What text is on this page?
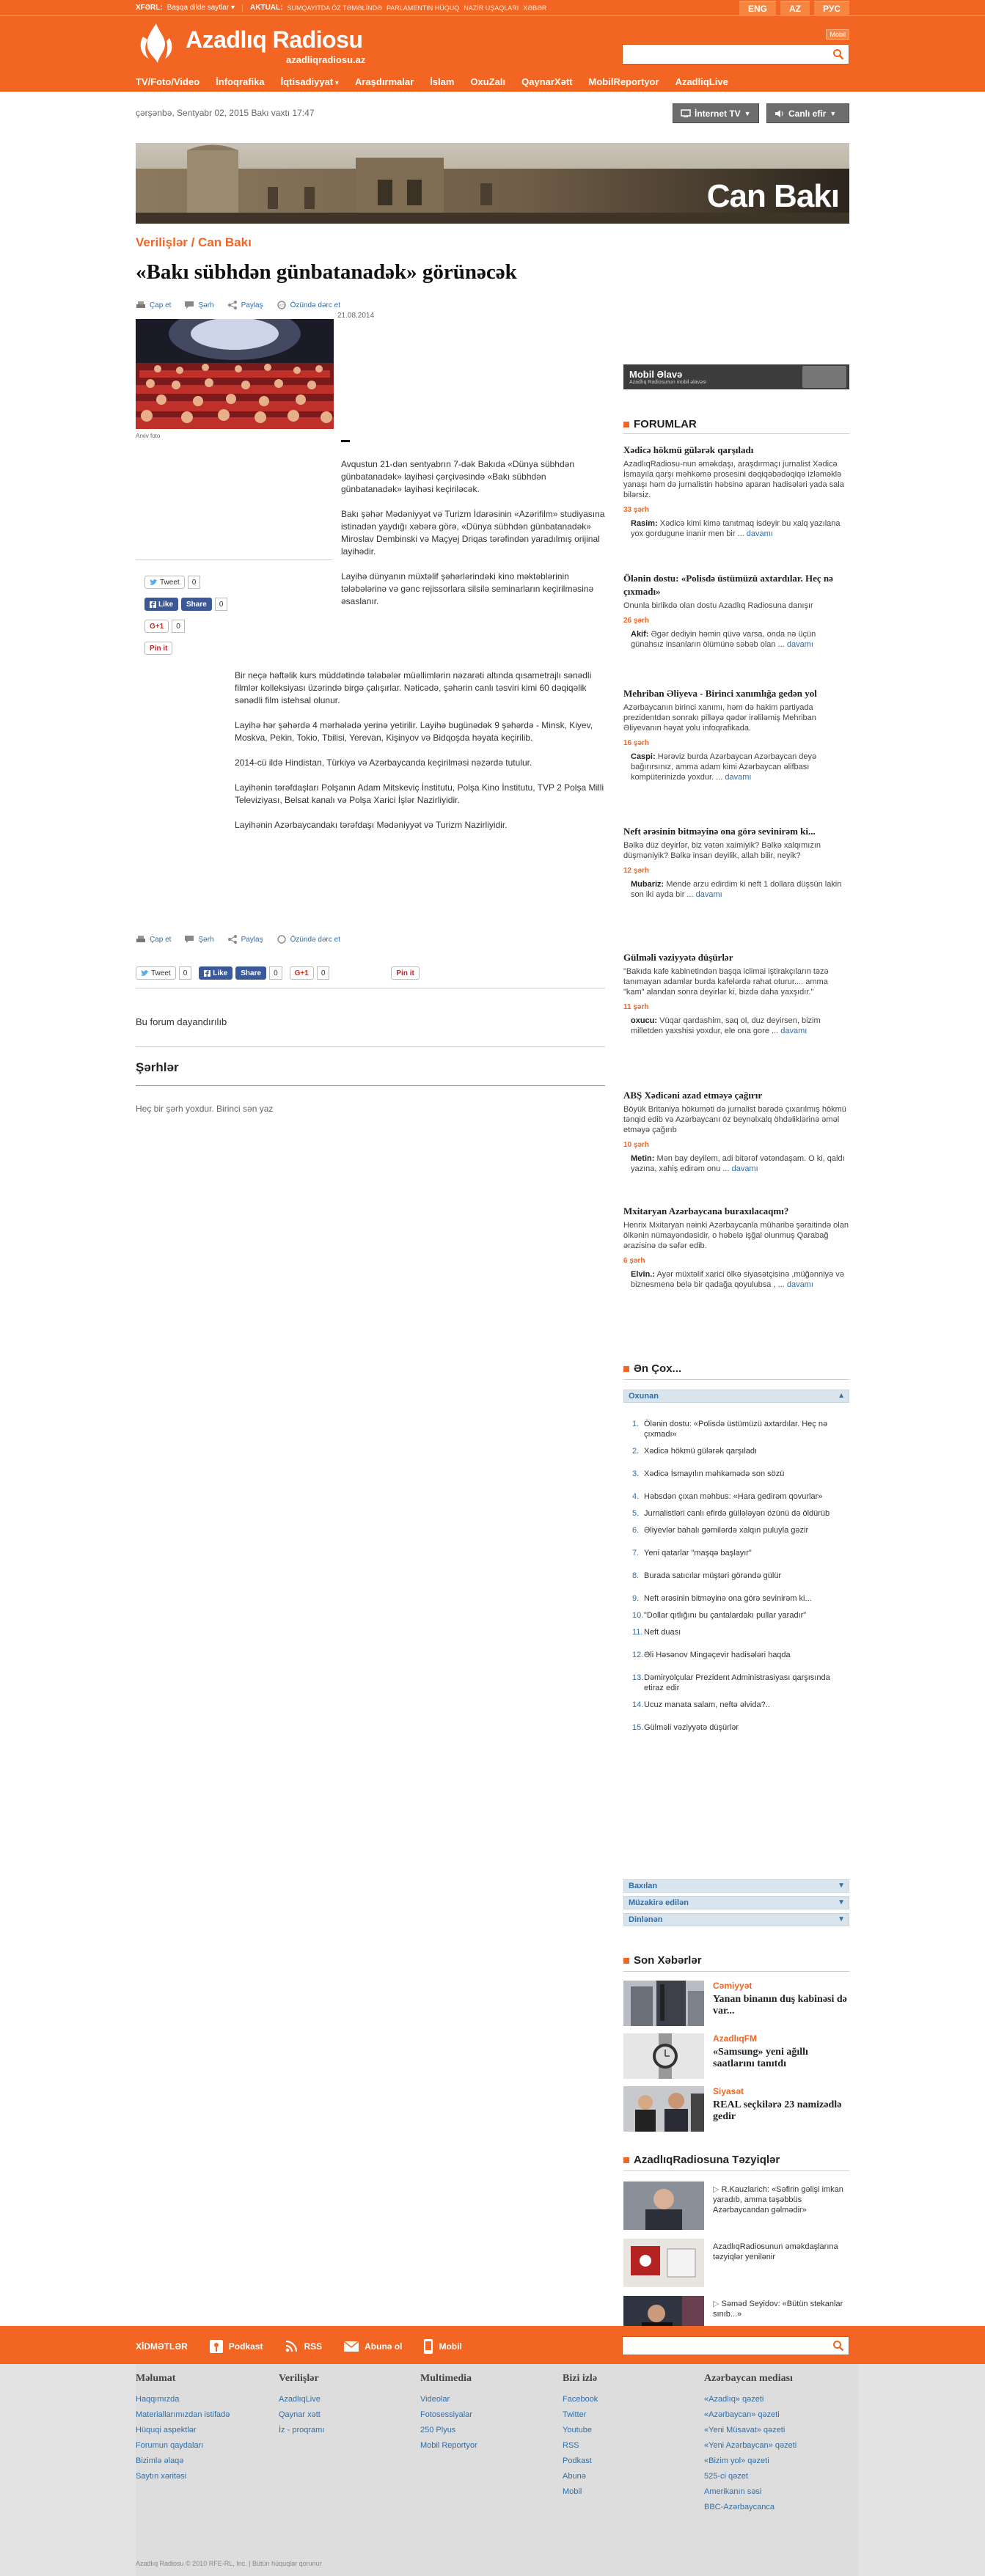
XFƏRL: Başqa dilde saytlar ▾	AKTUAL: SUMQAYITDA ÖZ TƏMƏLİNDƏ PARLAMENTIN HÜQUQ NAZİR UŞAQLARI XƏBƏR	ENG	AZ	РУС
Azadlıq Radiosu
azadliqradiosu.az
Mobil
TV/Foto/Video İnfoqrafika İqtisadiyyat ▾	Araşdırmalar İslam OxuZalı QaynarXətt MobilReportyor AzadliqLive
çərşənbə, Sentyabr 02, 2015 Bakı vaxtı 17:47	İnternet TV ▼	Canlı efir ▼
Can Bakı
Verilişlər / Can Bakı
«Bakı sübhdən günbatanadək» görünəcək
Çap et	Şərh	Paylaş	</> Özündə dərc et
21.08.2014
Arxiv foto
Tweet	0
Like	Share	0
G+1	0
Pin it

Avqustun 21-dən sentyabrın 7-dək Bakıda «Dünya sübhdən günbatanadək» layihəsi çərçivəsində «Bakı sübhdən günbatanadək» layihəsi keçiriləcək.

Bakı şəhər Mədəniyyət və Turizm İdarəsinin «Azərifilm» studiyasına istinadən yaydığı xəbərə görə, «Dünya sübhdən günbatanadək» Miroslav Dembinski və Maçyej Driqas tərəfindən yaradılmış orijinal layihədir.

Layihə dünyanın müxtəlif şəhərlərindəki kino məktəblərinin tələbələrinə və gənc rejissorlara silsilə seminarların keçirilməsinə əsaslanır.

Bir neçə həftəlik kurs müddətində tələbələr müəllimlərin nəzarəti altında qısametrajlı sənədli filmlər kolleksiyası üzərində birgə çalışırlar. Nəticədə, şəhərin canlı təsviri kimi 60 dəqiqəlik sənədli film istehsal olunur.

Layihə hər şəhərdə 4 mərhələdə yerinə yetirilir. Layihə bugünədək 9 şəhərdə - Minsk, Kiyev, Moskva, Pekin, Tokio, Tbilisi, Yerevan, Kişinyov və Bidqoşda həyata keçirilib.

2014-cü ildə Hindistan, Türkiyə və Azərbaycanda keçirilməsi nəzərdə tutulur.

Layihənin tərəfdaşları Polşanın Adam Mitskeviç İnstitutu, Polşa Kino İnstitutu, TVP 2 Polşa Milli Televiziyası, Belsat kanalı və Polşa Xarici İşlər Nazirliyidir.

Layihənin Azərbaycandakı tərəfdaşı Mədəniyyət və Turizm Nazirliyidir.

Çap et	Şərh	Paylaş	Özündə dərc et
Tweet	0	Like	Share	0	G+1	0	Pin it
Bu forum dayandırılıb
Şərhlər
Heç bir şərh yoxdur. Birinci sən yaz
Mobil Əlavə
Azadlıq Radiosunun mobil əlavəsi
FORUMLAR
Xədicə hökmü gülərək qarşıladı
AzadlıqRadiosu-nun əməkdaşı, araşdırmaçı jurnalist Xədicə İsmayıla qarşı məhkəmə prosesini dəqiqəbədəqiqə izləməklə yanaşı həm də jurnalistin həbsinə aparan hadisələri yada sala bilərsiz.
33 şərh
Rasim: Xədicə kimi kimə tanıtmaq isdeyir bu xalq yazılana yox gordugune inanir men bir ... davamı
Ölənin dostu: «Polisdə üstümüzü axtardılar. Heç nə çıxmadı»
Onunla birlikdə olan dostu Azadlıq Radiosuna danışır
26 şərh
Akif: Əgər dediyin həmin qüvə varsa, onda nə üçün günahsız insanların ölümünə səbəb olan ... davamı
Mehriban Əliyeva - Birinci xanımlığa gedən yol
Azərbaycanın birinci xanımı, həm də hakim partiyada prezidentdən sonrakı pilləyə qədər irəliləmiş Mehriban Əliyevanın həyat yolu infoqrafikada.
16 şərh
Caspi: Hərəviz burda Azərbaycan Azərbaycan deyə bağırırsınız, amma adam kimi Azərbaycan əlifbası kompüterinizdə yoxdur. ... davamı
Neft ərəsinin bitməyinə ona görə sevinirəm ki...
Bəlkə düz deyirlər, biz vətən xaimiyik? Bəlkə xalqımızın düşməniyik? Bəlkə insan deyilik, allah bilir, neyik?
12 şərh
Mubariz: Mende arzu edirdim ki neft 1 dollara düşsün lakin son iki ayda bir ... davamı
Gülməli vəziyyətə düşürlər
"Bakıda kafe kabinetindən başqa iclimai iştirakçıların təzə tanımayan adamlar burda kafelərdə rahat oturur.... amma "kam" alandan sonra deyirlər ki, bizdə daha yaxşıdır."
11 şərh
oxucu: Vüqar qardashim, saq ol, duz deyirsen, bizim milletden yaxshisi yoxdur, ele ona gore ... davamı
ABŞ Xədicəni azad etməyə çağırır
Böyük Britaniya hökuməti də jurnalist barədə çıxarılmış hökmü tənqid edib və Azərbaycanı öz beynəlxalq öhdəliklərinə əməl etməyə çağırıb
10 şərh
Metin: Mən bay deyilem, adi bitərəf vətəndaşam. O ki, qaldı yazına, xahiş edirəm onu ... davamı
Mxitaryan Azərbaycana buraxılacaqmı?
Henrix Mxitaryan nəinki Azərbaycanla müharibə şəraitində olan ölkənin nümayəndəsidir, o həbelə işğal olunmuş Qarabağ ərazisinə də səfər edib.
6 şərh
Elvin.: Ayər müxtəlif xarici ölkə siyasətçisinə ,müğənniyə və biznesmenə belə bir qadağa qoyulubsa , ... davamı
Ən Çox...
Oxunan	▲
1. Ölənin dostu: «Polisdə üstümüzü axtardılar. Heç nə çıxmadı»
2. Xədicə hökmü gülərək qarşıladı
3. Xədicə İsmayılın məhkəmədə son sözü
4. Həbsdən çıxan məhbus: «Hara gedirəm qovurlar»
5. Jurnalistləri canlı efirdə güllələyən özünü də öldürüb
6. Əliyevlər bahalı gəmilərdə xalqın puluyla gəzir
7. Yeni qatarlar "maşqə başlayır"
8. Burada satıcılar müştəri görəndə gülür
9. Neft ərəsinin bitməyinə ona görə sevinirəm ki...
10. "Dollar qıtlığını bu çantalardakı pullar yaradır"
11. Neft duası
12. Əli Həsənov Mingəçevir hadisələri haqda
13. Dəmiryolçular Prezident Administrasiyası qarşısında etiraz edir
14. Ucuz manata salam, neftə əlvida?..
15. Gülməli vəziyyətə düşürlər
Baxılan	▼
Müzakirə edilən	▼
Dinlənən	▼
Son Xəbərlər
Cəmiyyət
Yanan binanın duş kabinəsi də var...
AzadlıqFM
«Samsung» yeni ağıllı saatlarını tanıtdı
Siyasət
REAL seçkilərə 23 namizədlə gedir
AzadlıqRadiosuna Təzyiqlər
▷ R.Kauzlarich: «Səfirin gəlişi imkan yaradıb, amma təşəbbüs Azərbaycandan gəlmədir»
AzadlıqRadiosunun əməkdaşlarına təzyiqlər yenilənir
▷ Səməd Seyidov: «Bütün stekanlar sınıb...»
XİDMƏTLƏR	Podkast	RSS	Abunə ol	Mobil
Məlumat
Haqqımızda
Materiallarımızdan istifadə
Hüquqi aspektlər
Forumun qaydaları
Bizimlə əlaqə
Saytın xəritəsi
Verilişlər
AzadlıqLive
Qaynar xətt
İz - proqramı
Multimedia
Videolar
Fotosessiyalar
250 Plyus
Mobil Reportyor
Bizi izlə
Facebook
Twitter
Youtube
RSS
Podkast
Abunə
Mobil
Azərbaycan mediası
«Azadlıq» qəzeti
«Azərbaycan» qəzeti
«Yeni Müsavat» qəzeti
«Yeni Azərbaycan» qəzeti
«Bizim yol» qəzeti
525-ci qəzet
Amerikanın səsi
BBC-Azərbaycanca
Azadlıq Radiosu © 2010 RFE-RL, Inc. | Bütün hüquqlar qorunur
